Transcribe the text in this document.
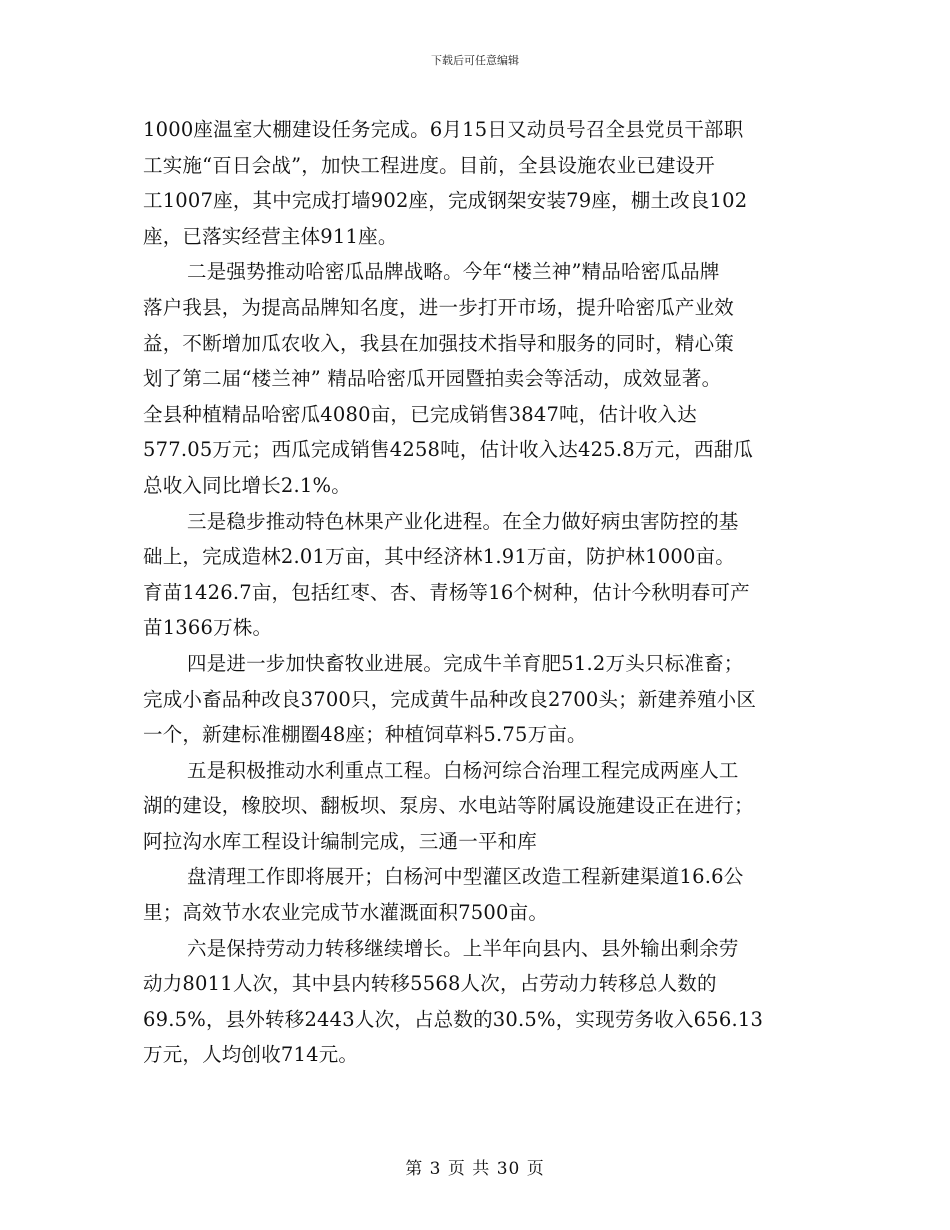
下载后可任意编辑
1000座温室大棚建设任务完成。6月15日又动员号召全县党员干部职
工实施“百日会战”，加快工程进度。目前，全县设施农业已建设开
工1007座，其中完成打墙902座，完成钢架安装79座，棚土改良102
座，已落实经营主体911座。
二是强势推动哈密瓜品牌战略。今年“楼兰神”精品哈密瓜品牌
落户我县，为提高品牌知名度，进一步打开市场，提升哈密瓜产业效
益，不断增加瓜农收入，我县在加强技术指导和服务的同时，精心策
划了第二届“楼兰神” 精品哈密瓜开园暨拍卖会等活动，成效显著。
全县种植精品哈密瓜4080亩，已完成销售3847吨，估计收入达
577.05万元；西瓜完成销售4258吨，估计收入达425.8万元，西甜瓜
总收入同比增长2.1%。
三是稳步推动特色林果产业化进程。在全力做好病虫害防控的基
础上，完成造林2.01万亩，其中经济林1.91万亩，防护林1000亩。
育苗1426.7亩，包括红枣、杏、青杨等16个树种，估计今秋明春可产
苗1366万株。
四是进一步加快畜牧业进展。完成牛羊育肥51.2万头只标准畜；
完成小畜品种改良3700只，完成黄牛品种改良2700头；新建养殖小区
一个，新建标准棚圈48座；种植饲草料5.75万亩。
五是积极推动水利重点工程。白杨河综合治理工程完成两座人工
湖的建设，橡胶坝、翻板坝、泵房、水电站等附属设施建设正在进行；
阿拉沟水库工程设计编制完成，三通一平和库
盘清理工作即将展开；白杨河中型灌区改造工程新建渠道16.6公
里；高效节水农业完成节水灌溉面积7500亩。
六是保持劳动力转移继续增长。上半年向县内、县外输出剩余劳
动力8011人次，其中县内转移5568人次，占劳动力转移总人数的
69.5%，县外转移2443人次，占总数的30.5%，实现劳务收入656.13
万元，人均创收714元。
第 3 页 共 30 页
